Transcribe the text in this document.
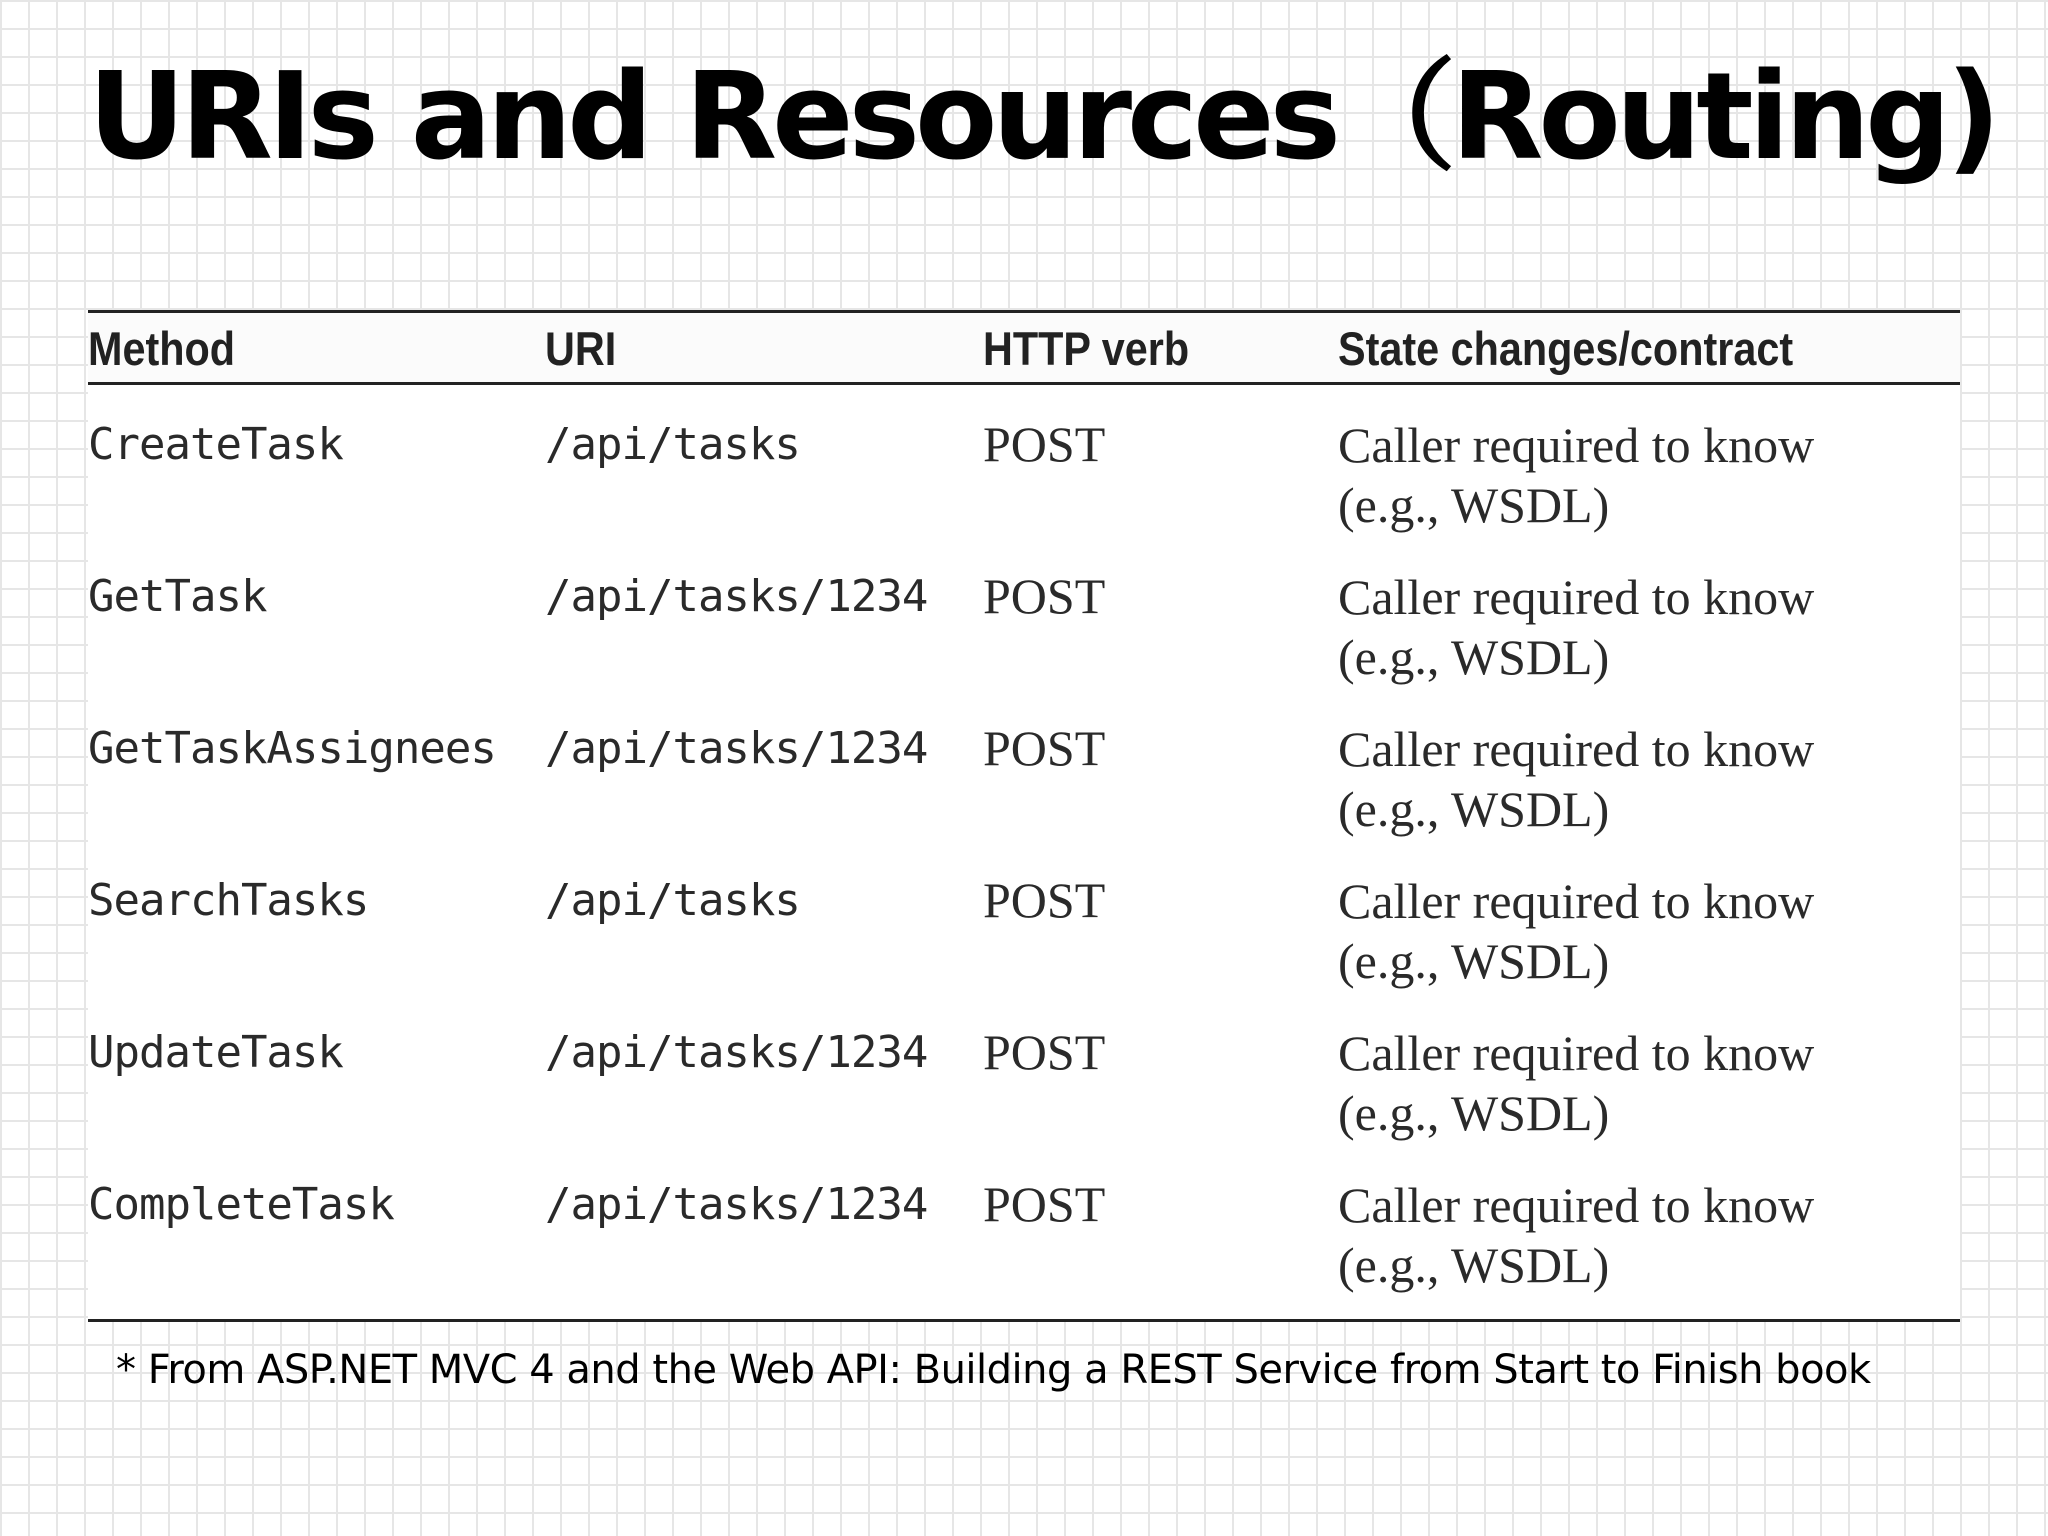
URIs and Resources（Routing)
Method	URI	HTTP verb	State changes/contract
CreateTask	/api/tasks	POST	Caller required to know
(e.g., WSDL)
GetTask	/api/tasks/1234 POST	Caller required to know
(e.g., WSDL)
GetTaskAssignees /api/tasks/1234 POST	Caller required to know
(e.g., WSDL)
SearchTasks	/api/tasks	POST	Caller required to know
(e.g., WSDL)
UpdateTask	/api/tasks/1234 POST	Caller required to know
(e.g., WSDL)
CompleteTask	/api/tasks/1234 POST	Caller required to know
(e.g., WSDL)
* From ASP.NET MVC 4 and the Web API: Building a REST Service from Start to Finish book
